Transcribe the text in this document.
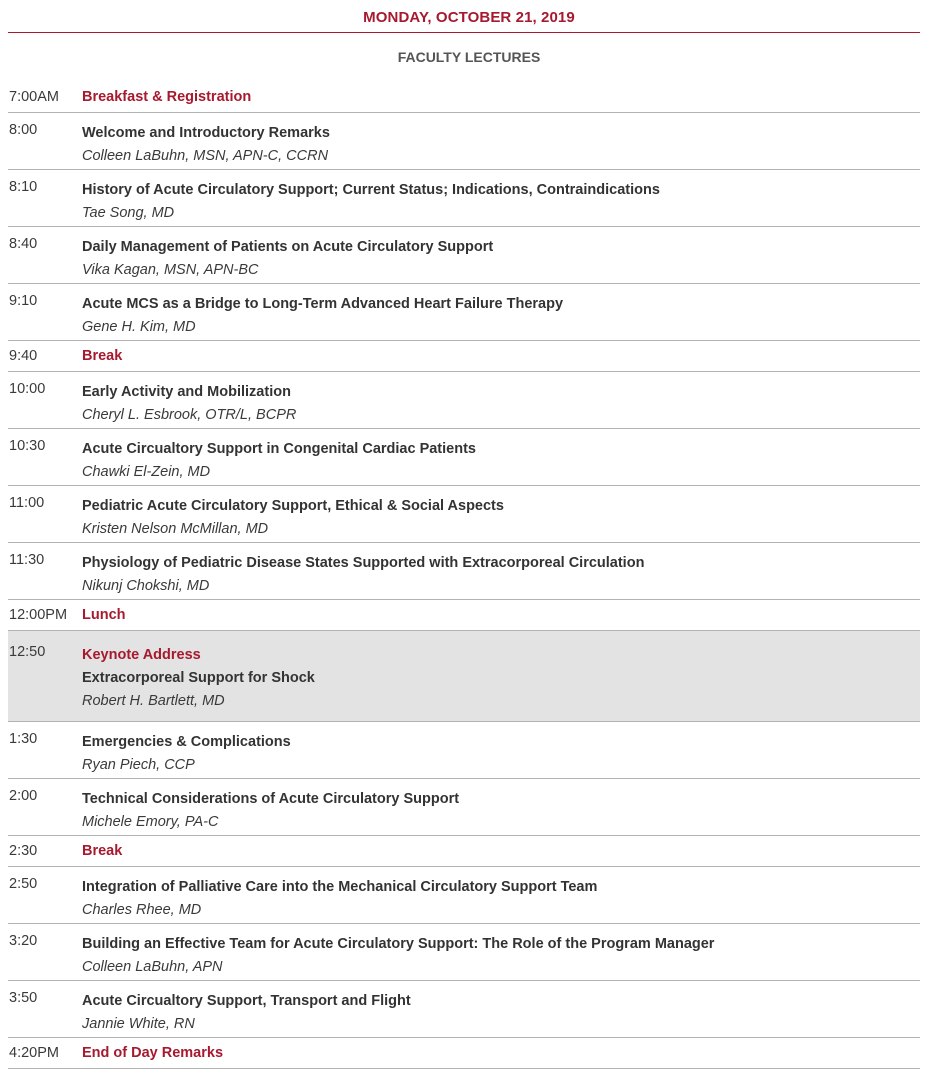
MONDAY, OCTOBER 21, 2019
FACULTY LECTURES
7:00AM Breakfast & Registration
8:00	Welcome and Introductory Remarks
Colleen LaBuhn, MSN, APN-C, CCRN
8:10	History of Acute Circulatory Support; Current Status; Indications, Contraindications
Tae Song, MD
8:40	Daily Management of Patients on Acute Circulatory Support
Vika Kagan, MSN, APN-BC
9:10	Acute MCS as a Bridge to Long-Term Advanced Heart Failure Therapy
Gene H. Kim, MD
9:40	Break
10:00	Early Activity and Mobilization
Cheryl L. Esbrook, OTR/L, BCPR
10:30	Acute Circualtory Support in Congenital Cardiac Patients
Chawki El-Zein, MD
11:00	Pediatric Acute Circulatory Support, Ethical & Social Aspects
Kristen Nelson McMillan, MD
11:30	Physiology of Pediatric Disease States Supported with Extracorporeal Circulation
Nikunj Chokshi, MD
12:00PM Lunch
12:50	Keynote Address
Extracorporeal Support for Shock
Robert H. Bartlett, MD
1:30	Emergencies & Complications
Ryan Piech, CCP
2:00	Technical Considerations of Acute Circulatory Support
Michele Emory, PA-C
2:30	Break
2:50	Integration of Palliative Care into the Mechanical Circulatory Support Team
Charles Rhee, MD
3:20	Building an Effective Team for Acute Circulatory Support: The Role of the Program Manager
Colleen LaBuhn, APN
3:50	Acute Circualtory Support, Transport and Flight
Jannie White, RN
4:20PM End of Day Remarks
